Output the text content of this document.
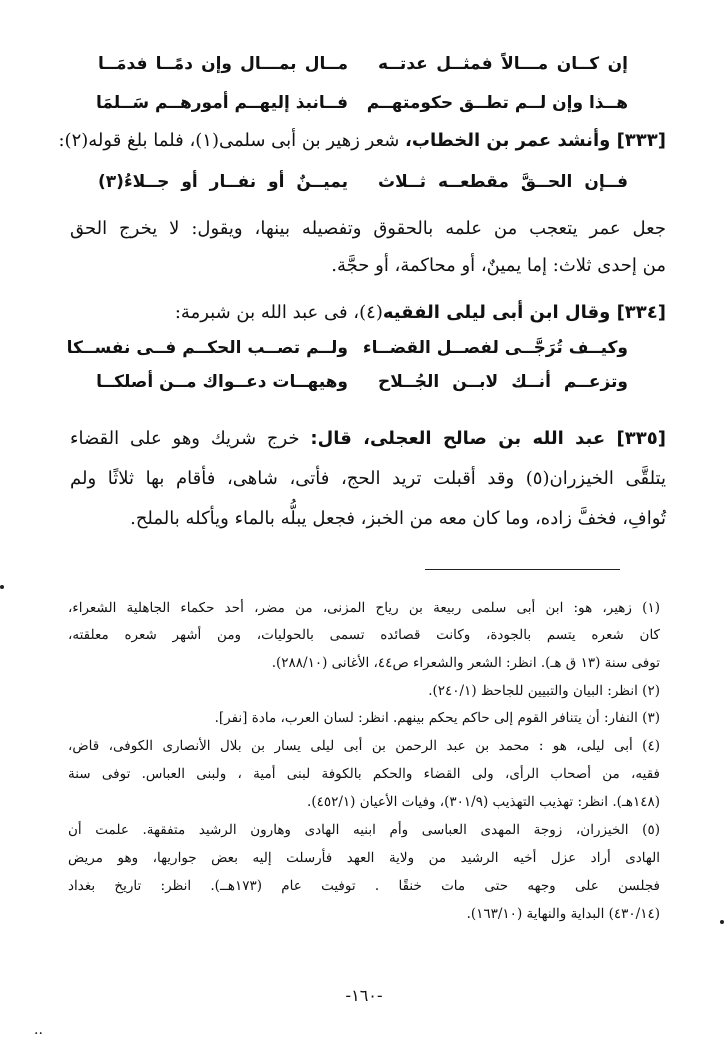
إن كــان مـــالاً فمثــل عدتــه
مــال بمـــال وإن دمًــا فدمَــا
هــذا وإن لــم تطــق حكومتهــم
فــانبذ إليهــم أمورهــم سَــلمَا
[٣٣٣] وأنشد عمر بن الخطاب، شعر زهير بن أبى سلمى(١)، فلما بلغ قوله(٢):
فــإن الحــقَّ مقطعــه ثــلاث
يميــنٌ أو نفــار أو جــلاءُ(٣)
جعل عمر يتعجب من علمه بالحقوق وتفصيله بينها، ويقول: لا يخرج الحق
من إحدى ثلاث: إما يمينٌ، أو محاكمة، أو حجَّة.
[٣٣٤] وقال ابن أبى ليلى الفقيه(٤)، فى عبد الله بن شبرمة:
وكيــف تُرَجَّــى لفصــل القضــاء
ولــم تصــب الحكــم فــى نفســكا
وتزعــم أنــك لابــن الجُــلاح
وهيهــات دعــواك مــن أصلكــا
[٣٣٥] عبد الله بن صالح العجلى، قال: خرج شريك وهو على القضاء
يتلقَّى الخيزران(٥) وقد أقبلت تريد الحج، فأتى، شاهى، فأقام بها ثلاثًا ولم
تُوافِ، فخفَّ زاده، وما كان معه من الخبز، فجعل يبلُّه بالماء ويأكله بالملح.
(١) زهير، هو: ابن أبى سلمى ربيعة بن رياح المزنى، من مضر، أحد حكماء الجاهلية الشعراء،
كان شعره يتسم بالجودة، وكانت قصائده تسمى بالحوليات، ومن أشهر شعره معلقته،
توفى سنة (١٣ ق هـ). انظر: الشعر والشعراء ص٤٤، الأغانى (٢٨٨/١٠).
(٢) انظر: البيان والتبيين للجاحظ (٢٤٠/١).
(٣) النفار: أن يتنافر القوم إلى حاكم يحكم بينهم. انظر: لسان العرب، مادة [نفر].
(٤) أبى ليلى، هو : محمد بن عبد الرحمن بن أبى ليلى يسار بن بلال الأنصارى الكوفى، قاض،
فقيه، من أصحاب الرأى، ولى القضاء والحكم بالكوفة لبنى أمية ، ولبنى العباس. توفى سنة
(١٤٨هـ). انظر: تهذيب التهذيب (٣٠١/٩)، وفيات الأعيان (٤٥٢/١).
(٥) الخيزران، زوجة المهدى العباسى وأم ابنيه الهادى وهارون الرشيد متفقهة. علمت أن
الهادى أراد عزل أخيه الرشيد من ولاية العهد فأرسلت إليه بعض جواريها، وهو مريض
فجلسن على وجهه حتى مات خنقًا . توفيت عام (١٧٣هــ). انظر: تاريخ بغداد
(٤٣٠/١٤) البداية والنهاية (١٦٣/١٠).
-١٦٠-
..
